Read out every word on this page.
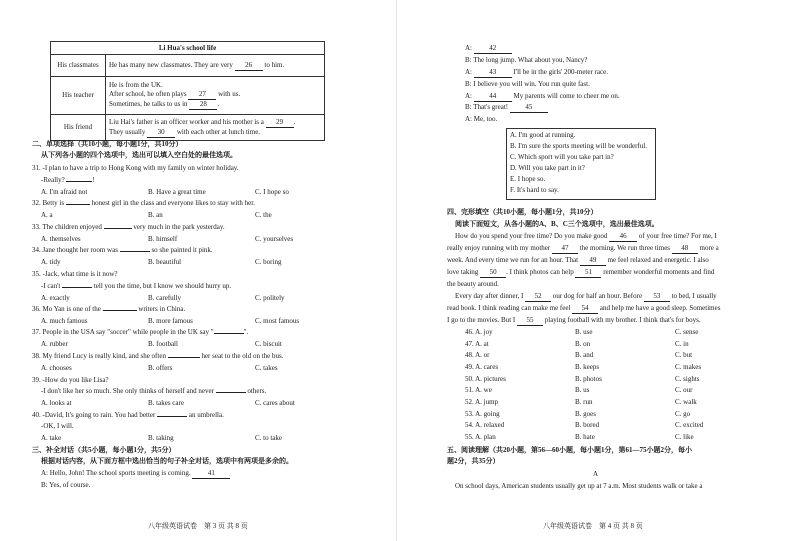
Li Hua's school life	
His classmates	He has many new classmates. They are very 26 to him.
His teacher	He is from the UK.
After school, he often plays 27 with us.
Sometimes, he talks to us in 28 .

His friend	Liu Hai's father is an officer worker and his mother is a 29 .
They usually 30 with each other at lunch time.
二、单项选择（共10小题，每小题1分，共10分）
从下列各小题的四个选项中，选出可以填入空白处的最佳选项。
31. -I plan to have a trip to Hong Kong with my family on winter holiday.
-Really?	!
A. I'm afraid not	B. Have a great time	C. I hope so
32. Betty is	honest girl in the class and everyone likes to stay with her.
A. a	B. an	C. the
33. The children enjoyed	very much in the park yesterday.
A. themselves	B. himself	C. yourselves
34. Jane thought her room was	so she painted it pink.
A. tidy	B. beautiful	C. boring
35. -Jack, what time is it now?
-I can't	tell you the time, but I know we should hurry up.
A. exactly	B. carefully	C. politely
36. Mo Yan is one of the	writers in China.
A. much famous	B. more famous	C. most famous
37. People in the USA say "soccer" while people in the UK say "	".
A. rubber	B. football	C. biscuit
38. My friend Lucy is really kind, and she often	her seat to the old on the bus.
A. chooses	B. offers	C. takes
39. -How do you like Lisa?
-I don't like her so much. She only thinks of herself and never	others.
A. looks at	B. takes care	C. cares about
40. -David, It's going to rain. You had better	an umbrella.
-OK, I will.
A. take	B. taking	C. to take
三、补全对话（共5小题，每小题1分，共5分）
根据对话内容，从下面方框中选出恰当的句子补全对话，选项中有两项是多余的。
A: Hello, John! The school sports meeting is coming. 41
B: Yes, of course.
八年级英语试卷　第 3 页 共 8 页
A: 42
B: The long jump. What about you, Nancy?
A: 43 I'll be in the girls' 200-meter race.
B: I believe you will win. You run quite fast.
A: 44 My parents will come to cheer me on.
B: That's great! 45
A: Me, too.
A. I'm good at running.
B. I'm sure the sports meeting will be wonderful.
C. Which sport will you take part in?
D. Will you take part in it?
E. I hope so.
F. It's hard to say.
四、完形填空（共10小题，每小题1分，共10分）
阅读下面短文，从各小题的A、B、C三个选项中，选出最佳选项。
How do you spend your free time? Do you make good 46 of your free time? For me, I
really enjoy running with my mother 47 the morning. We run three times 48 more a
week. And every time we run for an hour. That 49 me feel relaxed and energetic. I also
love taking 50 . I think photos can help 51 remember wonderful moments and find
the beauty around.
Every day after dinner, I 52 our dog for half an hour. Before 53 to bed, I usually
read book. I think reading can make me feel 54 and help me have a good sleep. Sometimes
I go to the movies. But I 55 playing football with my brother. I think that's for boys.
46. A. joy	B. use	C. sense
47. A. at	B. on	C. in
48. A. or	B. and	C. but
49. A. cares	B. keeps	C. makes
50. A. pictures	B. photos	C. sights
51. A. we	B. us	C. our
52. A. jump	B. run	C. walk
53. A. going	B. goes	C. go
54. A. relaxed	B. bored	C. excited
55. A. plan	B. hate	C. like
五、阅读理解（共20小题，第56—60小题，每小题1分，第61—75小题2分，每小
题2分，共35分）
A
On school days, American students usually get up at 7 a.m. Most students walk or take a
八年级英语试卷　第 4 页 共 8 页
